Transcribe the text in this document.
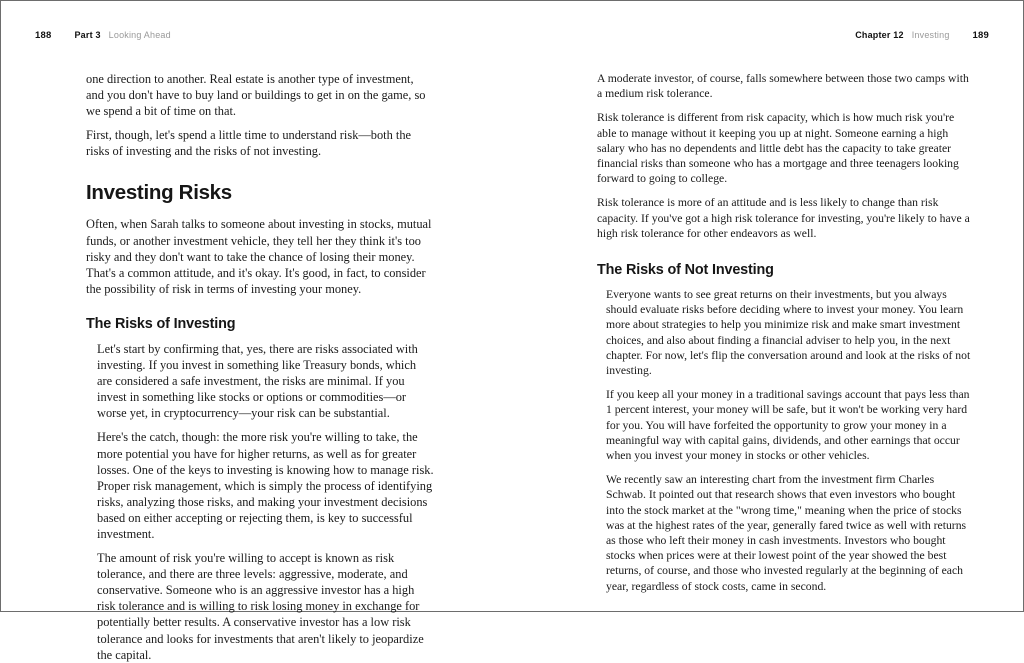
188	Part 3 Looking Ahead

one direction to another. Real estate is another type of investment, and you don't have to buy land or buildings to get in on the game, so we spend a bit of time on that.

First, though, let's spend a little time to understand risk—both the risks of investing and the risks of not investing.

Investing Risks

Often, when Sarah talks to someone about investing in stocks, mutual funds, or another investment vehicle, they tell her they think it's too risky and they don't want to take the chance of losing their money. That's a common attitude, and it's okay. It's good, in fact, to consider the possibility of risk in terms of investing your money.

The Risks of Investing

Let's start by confirming that, yes, there are risks associated with investing. If you invest in something like Treasury bonds, which are considered a safe investment, the risks are minimal. If you invest in something like stocks or options or commodities—or worse yet, in cryptocurrency—your risk can be substantial.

Here's the catch, though: the more risk you're willing to take, the more potential you have for higher returns, as well as for greater losses. One of the keys to investing is knowing how to manage risk. Proper risk management, which is simply the process of identifying risks, analyzing those risks, and making your investment decisions based on either accepting or rejecting them, is key to successful investment.

The amount of risk you're willing to accept is known as risk tolerance, and there are three levels: aggressive, moderate, and conservative. Someone who is an aggressive investor has a high risk tolerance and is willing to risk losing money in exchange for potentially better results. A conservative investor has a low risk tolerance and looks for investments that aren't likely to jeopardize the capital.

Chapter 12 Investing 189

A moderate investor, of course, falls somewhere between those two camps with a medium risk tolerance.

Risk tolerance is different from risk capacity, which is how much risk you're able to manage without it keeping you up at night. Someone earning a high salary who has no dependents and little debt has the capacity to take greater financial risks than someone who has a mortgage and three teenagers looking forward to going to college.

Risk tolerance is more of an attitude and is less likely to change than risk capacity. If you've got a high risk tolerance for investing, you're likely to have a high risk tolerance for other endeavors as well.

The Risks of Not Investing

Everyone wants to see great returns on their investments, but you always should evaluate risks before deciding where to invest your money. You learn more about strategies to help you minimize risk and make smart investment choices, and also about finding a financial adviser to help you, in the next chapter. For now, let's flip the conversation around and look at the risks of not investing.

If you keep all your money in a traditional savings account that pays less than 1 percent interest, your money will be safe, but it won't be working very hard for you. You will have forfeited the opportunity to grow your money in a meaningful way with capital gains, dividends, and other earnings that occur when you invest your money in stocks or other vehicles.

We recently saw an interesting chart from the investment firm Charles Schwab. It pointed out that research shows that even investors who bought into the stock market at the "wrong time," meaning when the price of stocks was at the highest rates of the year, generally fared twice as well with returns as those who left their money in cash investments. Investors who bought stocks when prices were at their lowest point of the year showed the best returns, of course, and those who invested regularly at the beginning of each year, regardless of stock costs, came in second.
